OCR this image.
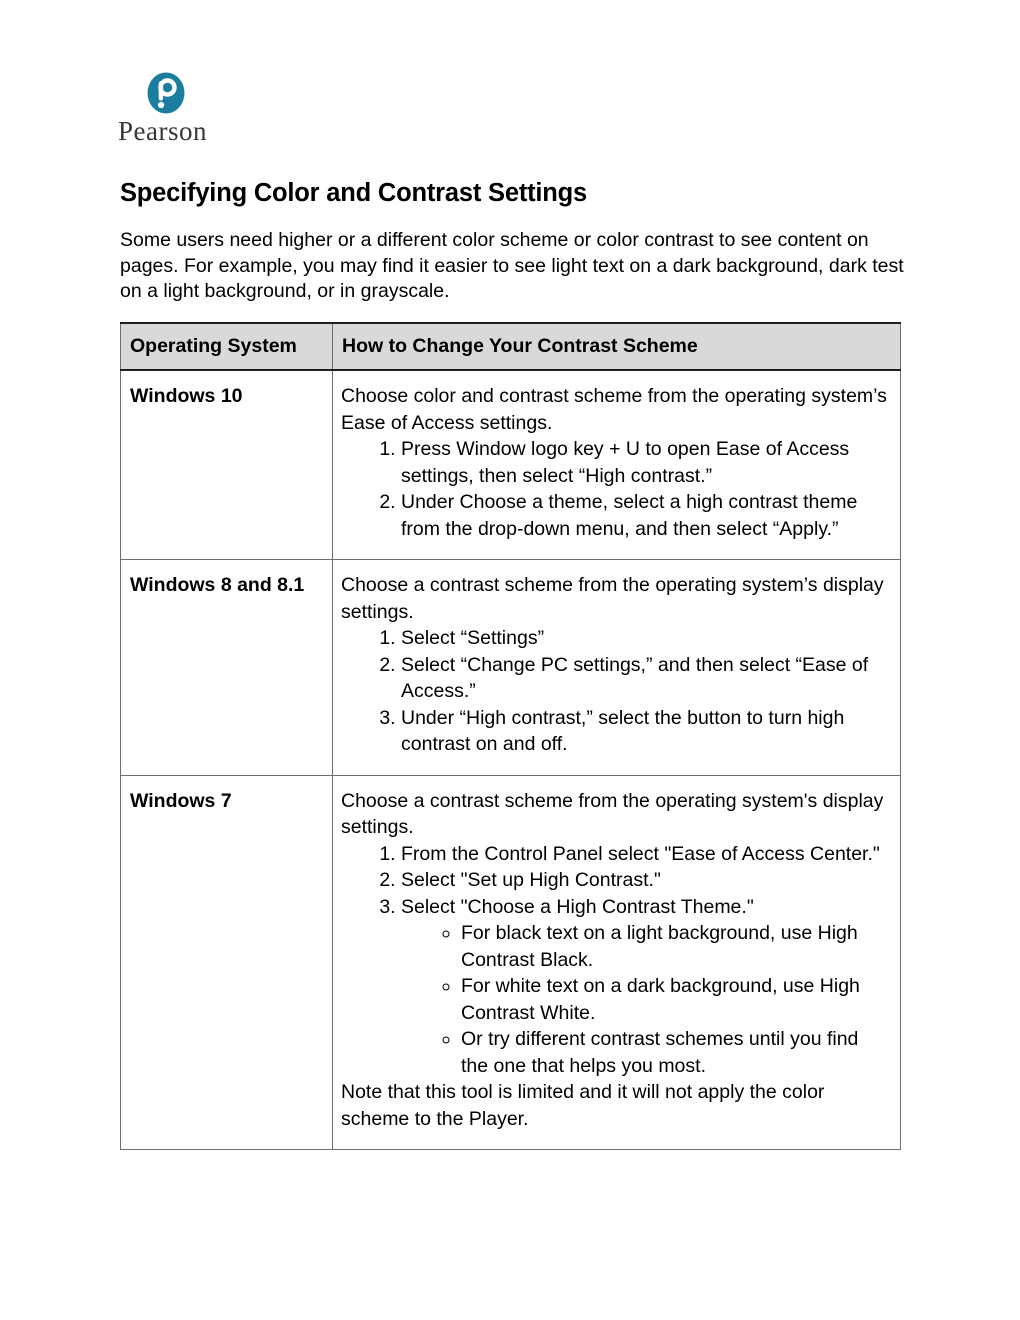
Pearson
Specifying Color and Contrast Settings

Some users need higher or a different color scheme or color contrast to see content on pages. For example, you may find it easier to see light text on a dark background, dark test on a light background, or in grayscale.

Operating System	How to Change Your Contrast Scheme
Windows 10	Choose color and contrast scheme from the operating system’s Ease of Access settings.

1. Press Window logo key + U to open Ease of Access settings, then select “High contrast.”
2. Under Choose a theme, select a high contrast theme from the drop-down menu, and then select “Apply.”

Windows 8 and 8.1	Choose a contrast scheme from the operating system’s display settings.

1. Select “Settings”
2. Select “Change PC settings,” and then select “Ease of Access.”
3. Under “High contrast,” select the button to turn high contrast on and off.

Windows 7	Choose a contrast scheme from the operating system's display settings.

1. From the Control Panel select "Ease of Access Center."
2. Select "Set up High Contrast."
3. Select "Choose a High Contrast Theme."
◦ For black text on a light background, use High Contrast Black.
◦ For white text on a dark background, use High Contrast White.
◦ Or try different contrast schemes until you find the one that helps you most.

Note that this tool is limited and it will not apply the color scheme to the Player.
